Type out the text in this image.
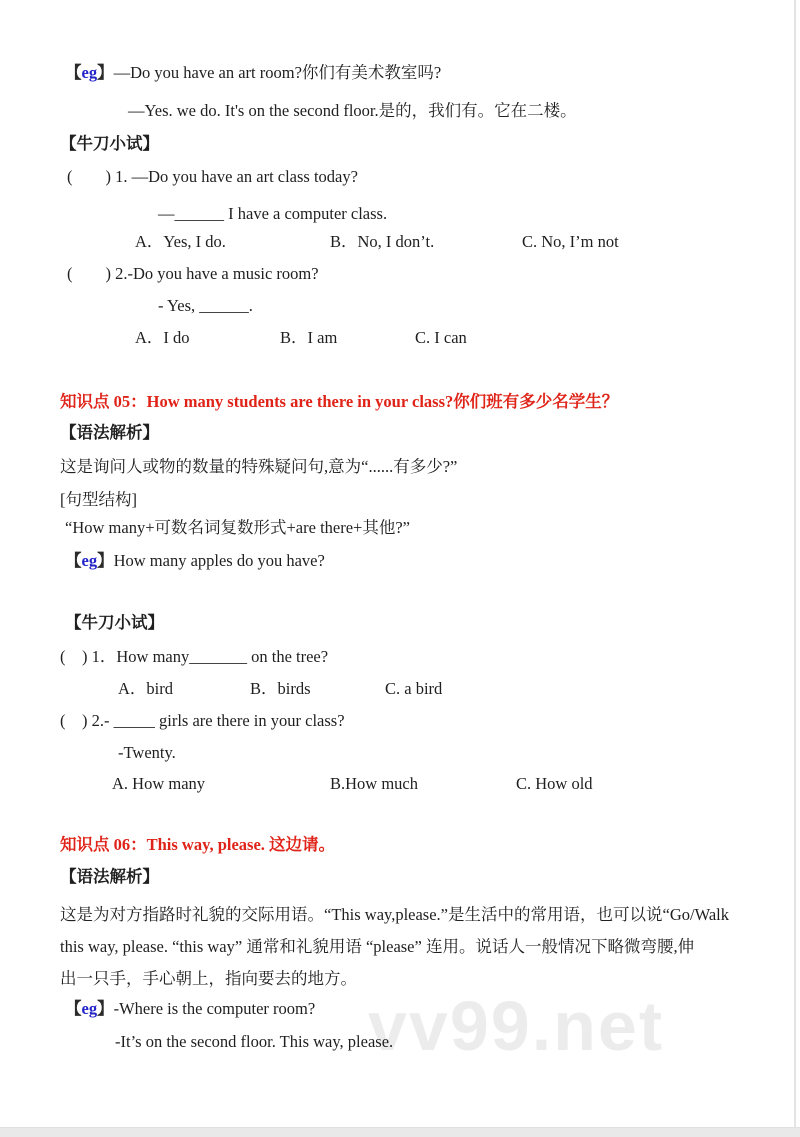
vv99.net
【eg】—Do you have an art room?你们有美术教室吗?
—Yes. we do. It's on the second floor.是的，我们有。它在二楼。
【牛刀小试】
(　　) 1. —Do you have an art class today?
—______ I have a computer class.
A．Yes, I do.	B．No, I don’t.	C. No, I’m not
(　　) 2.-Do you have a music room?
- Yes, ______.
A．I do	B．I am	C. I can
知识点 05：How many students are there in your class?你们班有多少名学生？
【语法解析】
这是询问人或物的数量的特殊疑问句,意为“......有多少?”
[句型结构]
“How many+可数名词复数形式+are there+其他?”
【eg】How many apples do you have?
【牛刀小试】
(　) 1．How many_______ on the tree?
A．bird	B．birds	C. a bird
(　) 2.- _____ girls are there in your class?
-Twenty.
A. How many	B.How much	C. How old
知识点 06：This way, please. 这边请。
【语法解析】
这是为对方指路时礼貌的交际用语。“This way,please.”是生活中的常用语，也可以说“Go/Walk
this way, please. “this way” 通常和礼貌用语 “please” 连用。说话人一般情况下略微弯腰,伸
出一只手，手心朝上，指向要去的地方。
【eg】-Where is the computer room?
-It’s on the second floor. This way, please.
